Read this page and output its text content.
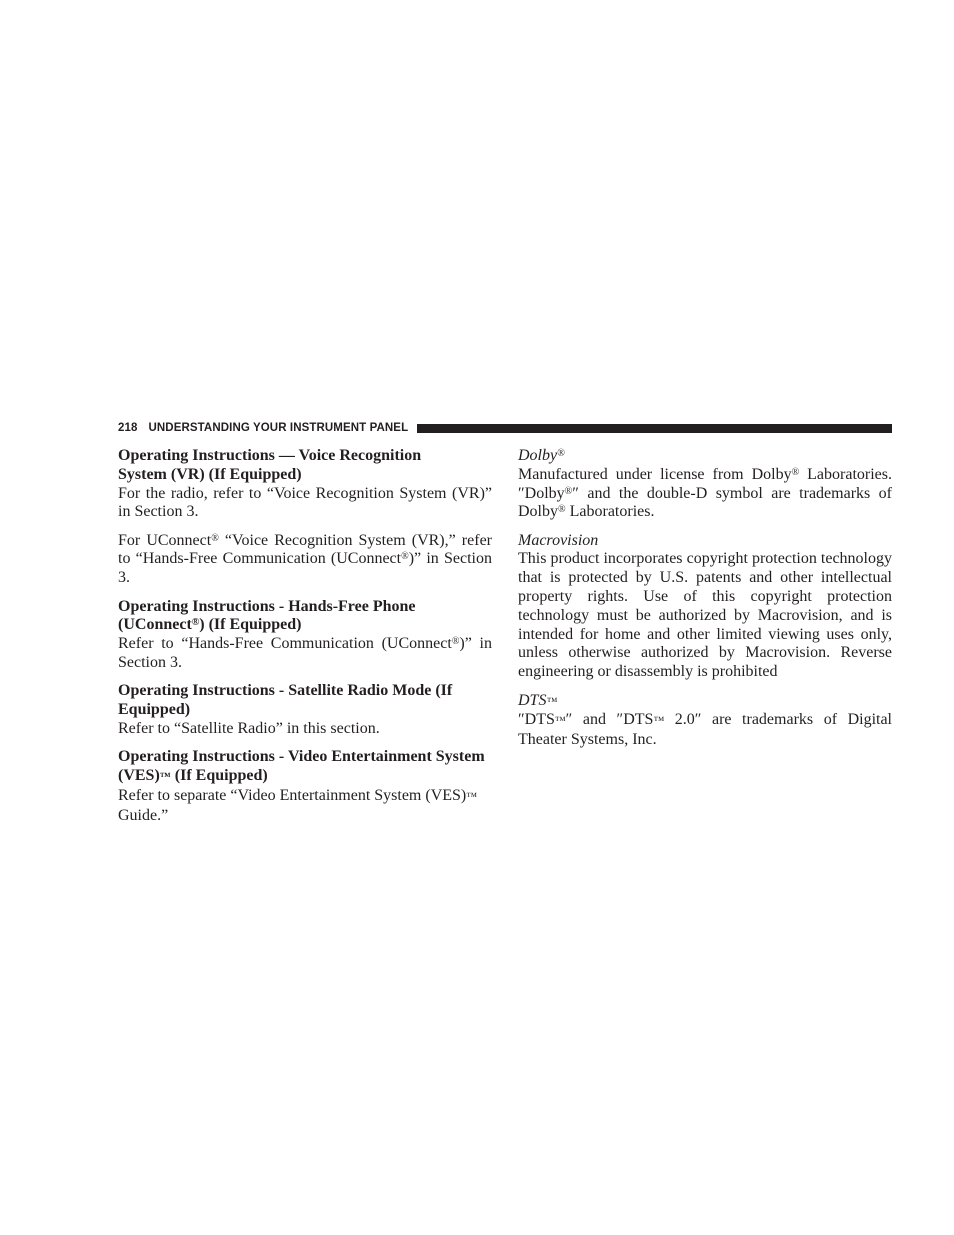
218 UNDERSTANDING YOUR INSTRUMENT PANEL
Operating Instructions — Voice Recognition
System (VR) (If Equipped)

For the radio, refer to “Voice Recognition System (VR)” in Section 3.

For UConnect® “Voice Recognition System (VR),” refer to “Hands-Free Communication (UConnect®)” in Section 3.

Operating Instructions - Hands-Free Phone (UConnect®) (If Equipped)

Refer to “Hands-Free Communication (UConnect®)” in Section 3.

Operating Instructions - Satellite Radio Mode (If Equipped)

Refer to “Satellite Radio” in this section.

Operating Instructions - Video Entertainment System (VES)™ (If Equipped)

Refer to separate “Video Entertainment System (VES)™ Guide.”

Dolby®

Manufactured under license from Dolby® Laboratories. ″Dolby®″ and the double-D symbol are trademarks of Dolby® Laboratories.

Macrovision

This product incorporates copyright protection technology that is protected by U.S. patents and other intellectual property rights. Use of this copyright protection technology must be authorized by Macrovision, and is intended for home and other limited viewing uses only, unless otherwise authorized by Macrovision. Reverse engineering or disassembly is prohibited

DTS™

″DTS™″ and ″DTS™ 2.0″ are trademarks of Digital Theater Systems, Inc.
